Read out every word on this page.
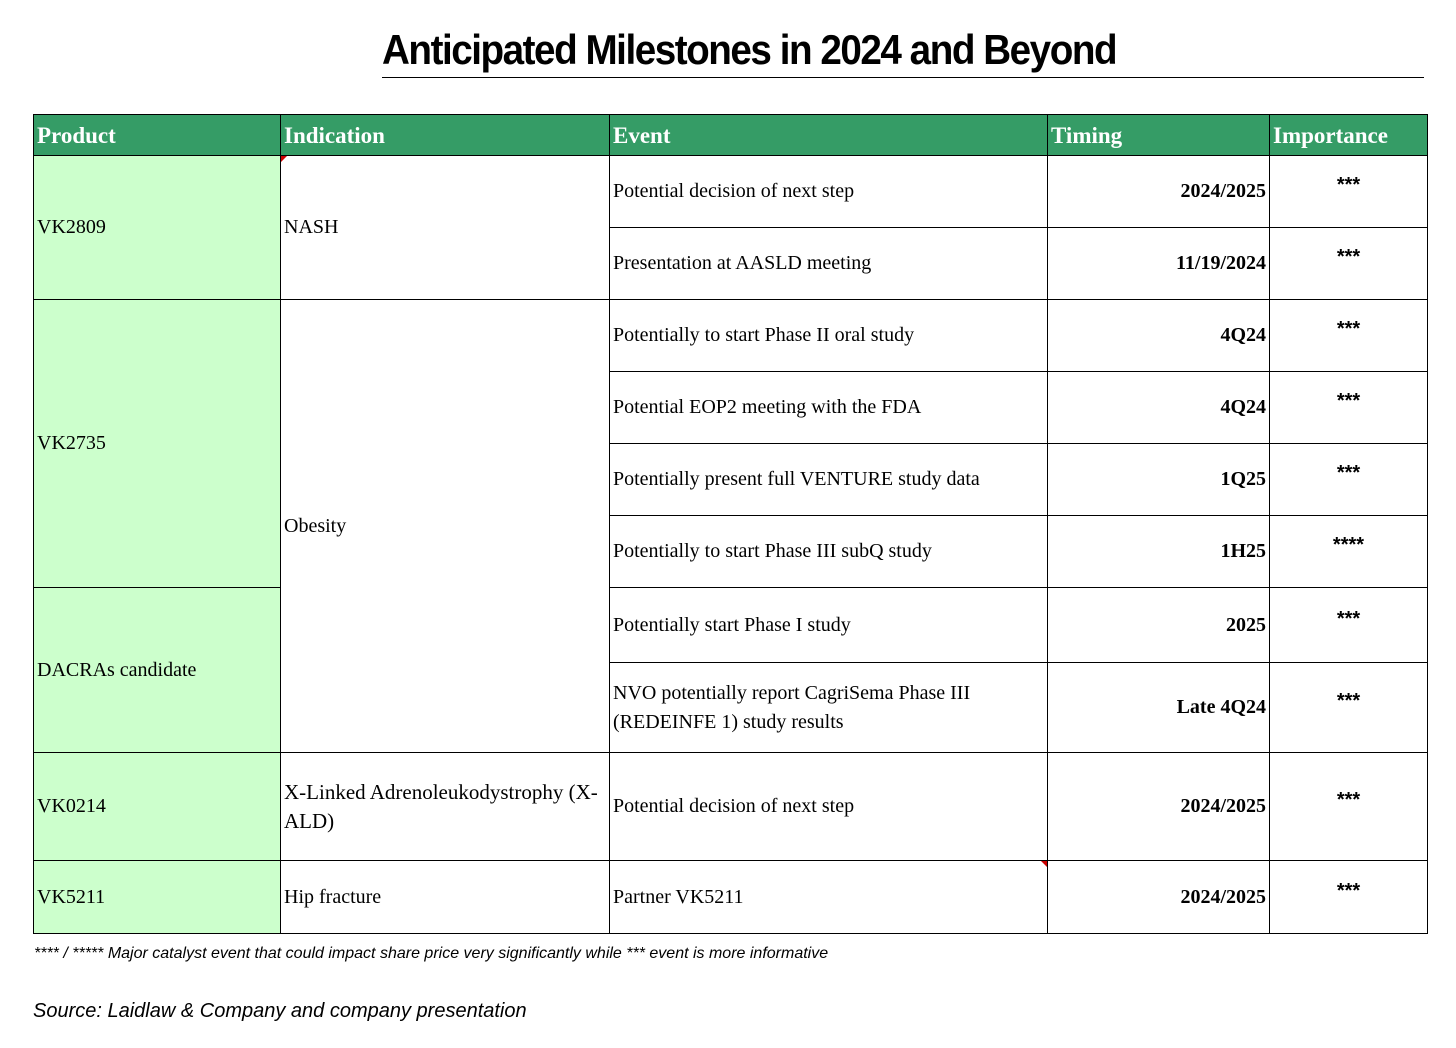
Anticipated Milestones in 2024 and Beyond
Product	Indication	Event	Timing	Importance
VK2809	NASH	Potential decision of next step	2024/2025	***
		Presentation at AASLD meeting	11/19/2024	***
VK2735	Obesity	Potentially to start Phase II oral study	4Q24	***
		Potential EOP2 meeting with the FDA	4Q24	***
		Potentially present full VENTURE study data	1Q25	***
		Potentially to start Phase III subQ study	1H25	****
DACRAs candidate		Potentially start Phase I study	2025	***
		NVO potentially report CagriSema Phase III (REDEINFE 1) study results	Late 4Q24	***
VK0214	X-Linked Adrenoleukodystrophy (X-ALD)	Potential decision of next step	2024/2025	***
VK5211	Hip fracture	Partner VK5211	2024/2025	***
**** / ***** Major catalyst event that could impact share price very significantly while *** event is more informative
Source: Laidlaw & Company and company presentation
